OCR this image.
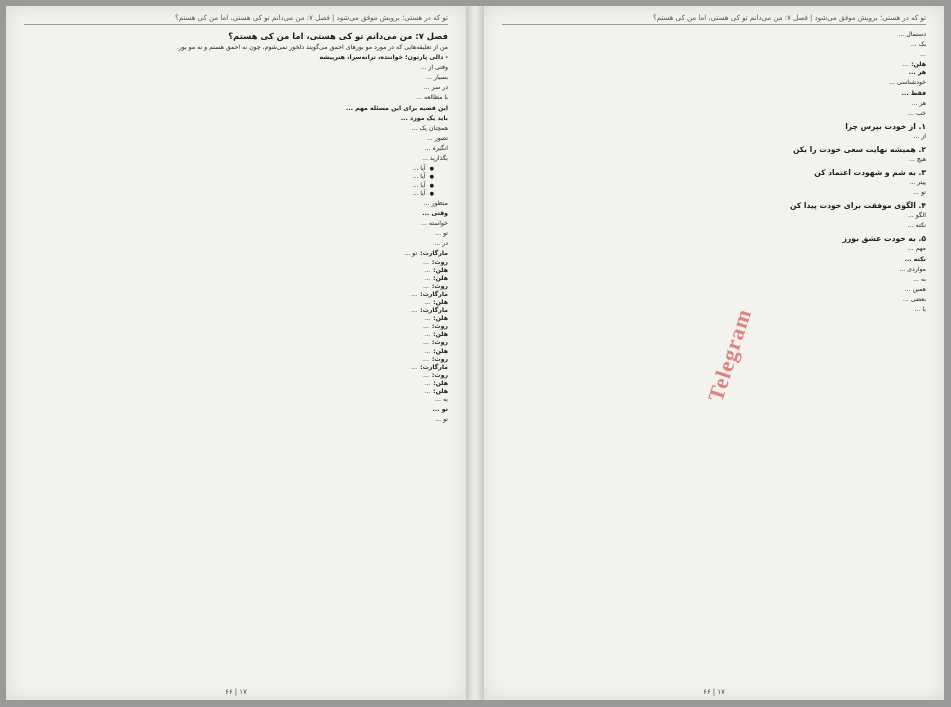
تو که در هستی؛ برویش موفق می‌شود | فصل ۷: من می‌دانم تو کی هستی، اما من کی هستم؟
فصل ۷: من می‌دانم تو کی هستی، اما من کی هستم؟

من از تعلیقه‌هایی که در مورد مو بورهای احمق می‌گویند دلخور نمی‌شوم، چون نه احمق هستم و نه مو بور.

- دالی پارتون؛ خواننده، ترانه‌سرا، هنرپیشه

وقتی از ...

بسیار ...

در سر ...

با مطالعه ...

این قضیه برای این مسئله مهم ...

باید یک مورد ...

همچنان یک ...

تصور ...

انگیزه ...

بگذارید ...

● آیا ...
● آیا ...
● آیا ...
● آیا ...

منظور ...

وقتی ...

خواسته ...

تو ...

در ...

مارگارت:تو ...

روث:...

هلن:...

هلن:...

روث:...

مارگارت:...

هلن:...

مارگارت:...

هلن:...

روث:...

هلن:...

روث:...

هلن:...

روث:...

مارگارت:...

روث:...

هلن:...

هلن:...

به ...

تو ...

تو ...

۶۶ | ۱۷
تو که در هستی؛ برویش موفق می‌شود | فصل ۷: من می‌دانم تو کی هستی، اما من کی هستم؟

دستمال ...

یک ...

...

هلن:...

هر ...

خودشناسی ...

فقط ...

هر ...

خب ...

۱. از خودت بپرس چرا

از ...

۲. همیشه نهایت سعی خودت را بکن

هیچ ...

۳. به شم و شهودت اعتماد کن

پیتر ...

تو ...

۴. الگوی موفقت برای خودت پیدا کن

الگو ...

نکته ...

۵. به خودت عشق بورز

مهم ...

نکته ...

مواردی ...

به ...

همین ...

بعضی ...

با ...

۶۶ | ۱۷
Telegram
